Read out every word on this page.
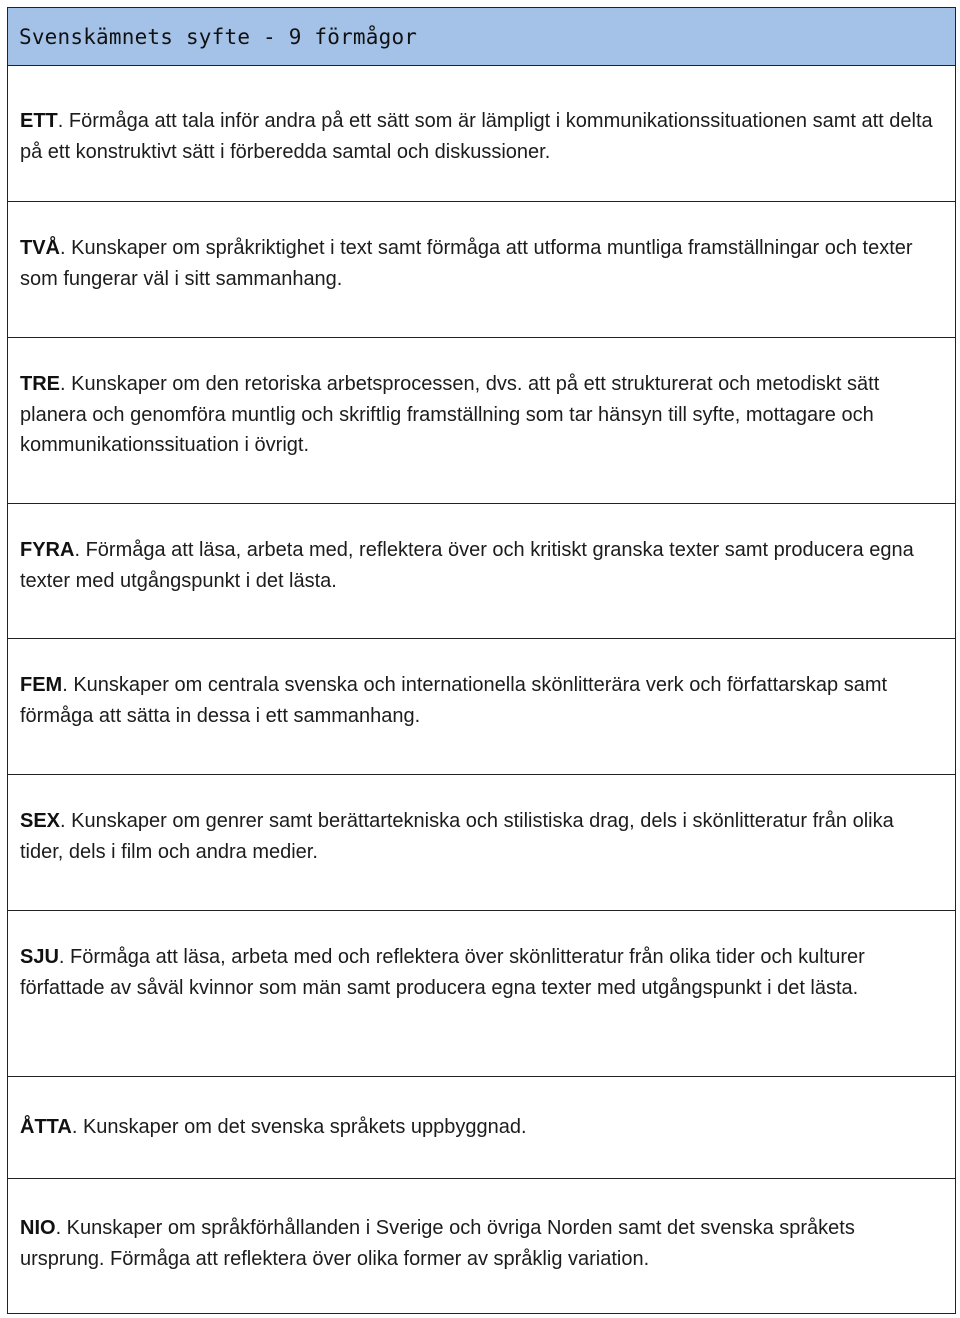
Svenskämnets syfte - 9 förmågor
ETT. Förmåga att tala inför andra på ett sätt som är lämpligt i kommunikationssituationen samt att delta på ett konstruktivt sätt i förberedda samtal och diskussioner.
TVÅ. Kunskaper om språkriktighet i text samt förmåga att utforma muntliga framställningar och texter som fungerar väl i sitt sammanhang.
TRE. Kunskaper om den retoriska arbetsprocessen, dvs. att på ett strukturerat och metodiskt sätt planera och genomföra muntlig och skriftlig framställning som tar hänsyn till syfte, mottagare och kommunikationssituation i övrigt.
FYRA. Förmåga att läsa, arbeta med, reflektera över och kritiskt granska texter samt producera egna texter med utgångspunkt i det lästa.
FEM. Kunskaper om centrala svenska och internationella skönlitterära verk och författarskap samt förmåga att sätta in dessa i ett sammanhang.
SEX. Kunskaper om genrer samt berättartekniska och stilistiska drag, dels i skönlitteratur från olika tider, dels i film och andra medier.
SJU. Förmåga att läsa, arbeta med och reflektera över skönlitteratur från olika tider och kulturer författade av såväl kvinnor som män samt producera egna texter med utgångspunkt i det lästa.
ÅTTA. Kunskaper om det svenska språkets uppbyggnad.
NIO. Kunskaper om språkförhållanden i Sverige och övriga Norden samt det svenska språkets ursprung. Förmåga att reflektera över olika former av språklig variation.
